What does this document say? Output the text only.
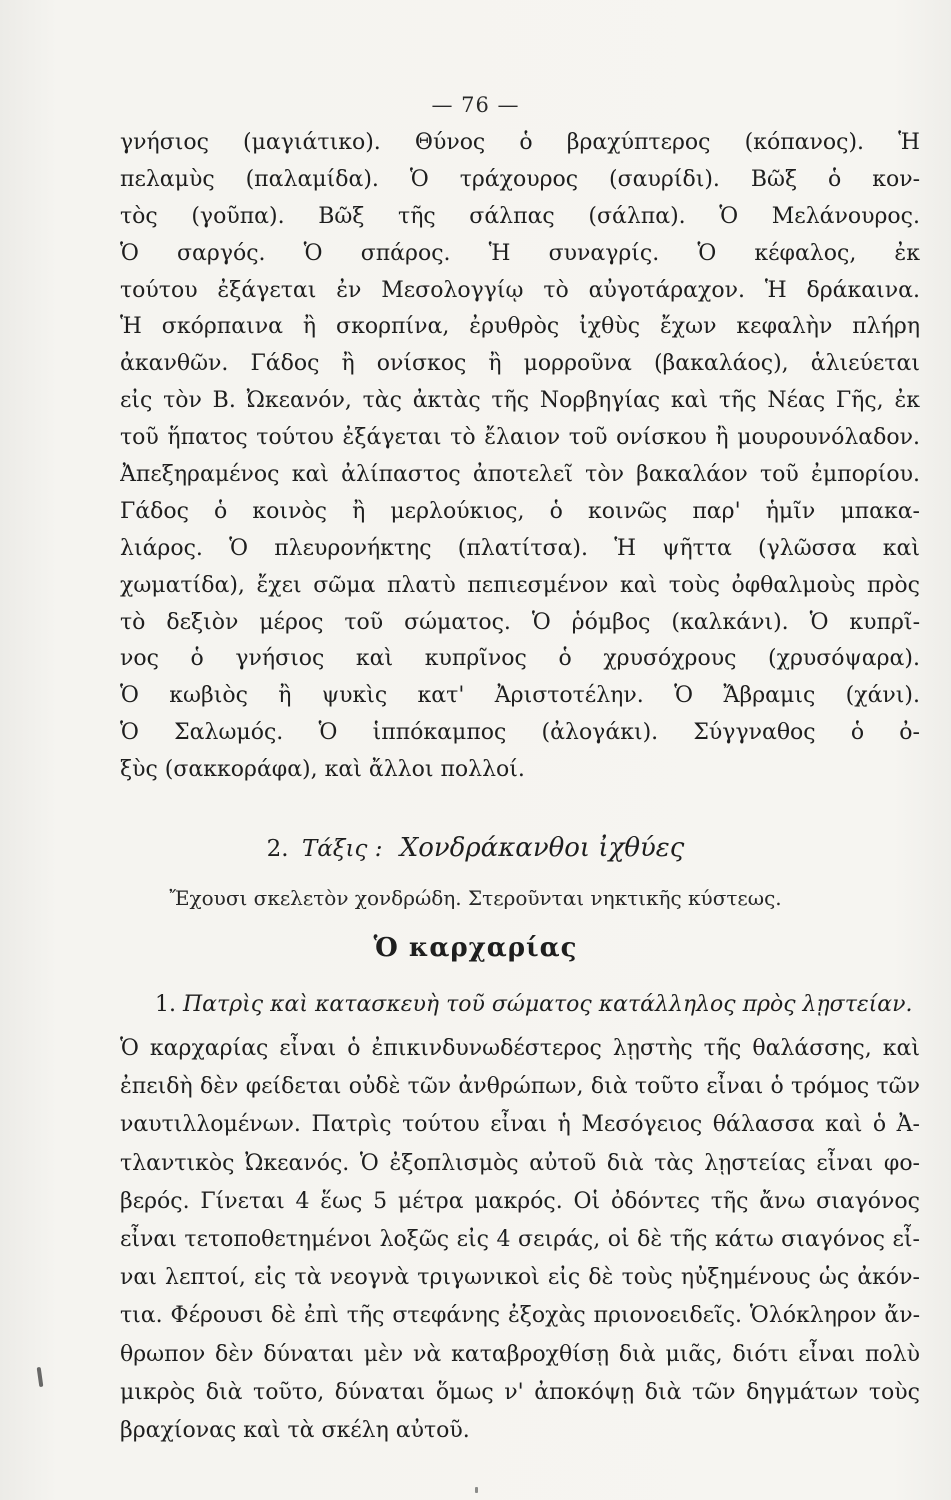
— 76 —
γνήσιος (μαγιάτικο). Θύνος ὁ βραχύπτερος (κόπανος). Ἡ
πελαμὺς (παλαμίδα). Ὁ τράχουρος (σαυρίδι). Βῶξ ὁ κον-
τὸς (γοῦπα). Βῶξ τῆς σάλπας (σάλπα). Ὁ Μελάνουρος.
Ὁ σαργός. Ὁ σπάρος. Ἡ συναγρίς. Ὁ κέφαλος, ἐκ
τούτου ἐξάγεται ἐν Μεσολογγίῳ τὸ αὐγοτάραχον. Ἡ δράκαινα.
Ἡ σκόρπαινα ἢ σκορπίνα, ἐρυθρὸς ἰχθὺς ἔχων κεφαλὴν πλήρη
ἀκανθῶν. Γάδος ἢ ονίσκος ἢ μορροῦνα (βακαλάος), ἁλιεύεται
εἰς τὸν Β. Ὠκεανόν, τὰς ἀκτὰς τῆς Νορβηγίας καὶ τῆς Νέας Γῆς, ἐκ
τοῦ ἥπατος τούτου ἐξάγεται τὸ ἔλαιον τοῦ ονίσκου ἢ μουρουνόλαδον.
Ἀπεξηραμένος καὶ ἀλίπαστος ἀποτελεῖ τὸν βακαλάον τοῦ ἐμπορίου.
Γάδος ὁ κοινὸς ἢ μερλούκιος, ὁ κοινῶς παρ' ἡμῖν μπακα-
λιάρος. Ὁ πλευρονήκτης (πλατίτσα). Ἡ ψῆττα (γλῶσσα καὶ
χωματίδα), ἔχει σῶμα πλατὺ πεπιεσμένον καὶ τοὺς ὀφθαλμοὺς πρὸς
τὸ δεξιὸν μέρος τοῦ σώματος. Ὁ ῥόμβος (καλκάνι). Ὁ κυπρῖ-
νος ὁ γνήσιος καὶ κυπρῖνος ὁ χρυσόχρους (χρυσόψαρα).
Ὁ κωβιὸς ἢ ψυκὶς κατ' Ἀριστοτέλην. Ὁ Ἄβραμις (χάνι).
Ὁ Σαλωμός. Ὁ ἱππόκαμπος (ἀλογάκι). Σύγγναθος ὁ ὀ-
ξὺς (σακκοράφα), καὶ ἄλλοι πολλοί.
2. Τάξις : Χονδράκανθοι ἰχθύες
Ἔχουσι σκελετὸν χονδρώδη. Στεροῦνται νηκτικῆς κύστεως.
Ὁ καρχαρίας
1. Πατρὶς καὶ κατασκευὴ τοῦ σώματος κατάλληλος πρὸς λῃστείαν.
Ὁ καρχαρίας εἶναι ὁ ἐπικινδυνωδέστερος λῃστὴς τῆς θαλάσσης, καὶ
ἐπειδὴ δὲν φείδεται οὐδὲ τῶν ἀνθρώπων, διὰ τοῦτο εἶναι ὁ τρόμος τῶν
ναυτιλλομένων. Πατρὶς τούτου εἶναι ἡ Μεσόγειος θάλασσα καὶ ὁ Ἀ-
τλαντικὸς Ὠκεανός. Ὁ ἐξοπλισμὸς αὐτοῦ διὰ τὰς λῃστείας εἶναι φο-
βερός. Γίνεται 4 ἕως 5 μέτρα μακρός. Οἱ ὀδόντες τῆς ἄνω σιαγόνος
εἶναι τετοποθετημένοι λοξῶς εἰς 4 σειράς, οἱ δὲ τῆς κάτω σιαγόνος εἶ-
ναι λεπτοί, εἰς τὰ νεογνὰ τριγωνικοὶ εἰς δὲ τοὺς ηὐξημένους ὡς ἀκόν-
τια. Φέρουσι δὲ ἐπὶ τῆς στεφάνης ἐξοχὰς πριονοειδεῖς. Ὁλόκληρον ἄν-
θρωπον δὲν δύναται μὲν νὰ καταβροχθίσῃ διὰ μιᾶς, διότι εἶναι πολὺ
μικρὸς διὰ τοῦτο, δύναται ὅμως ν' ἀποκόψῃ διὰ τῶν δηγμάτων τοὺς
βραχίονας καὶ τὰ σκέλη αὐτοῦ.
